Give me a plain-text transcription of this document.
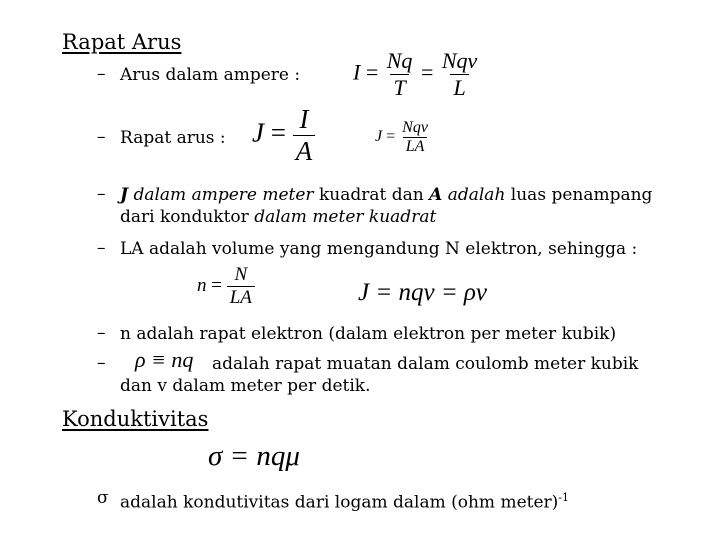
Rapat Arus
– Arus dalam ampere : $I = \frac{Nq}{T} = \frac{\text{Nqv}}{L}$
– Rapat arus : $J = \frac{I}{A}$	$J = \frac{\text{Nqv}}{LA}$
– J dalam ampere meter kuadrat dan A adalah luas penampang
dari konduktor dalam meter kuadrat
– LA adalah volume yang mengandung N elektron, sehingga :
$n = \frac{N}{LA}$	J = nqv = ρv
– n adalah rapat elektron (dalam elektron per meter kubik)
– ρ ≡ nq adalah rapat muatan dalam coulomb meter kubik
dan v dalam meter per detik.
Konduktivitas
σ = nqμ
σ adalah kondutivitas dari logam dalam (ohm meter)$^{-1}$
